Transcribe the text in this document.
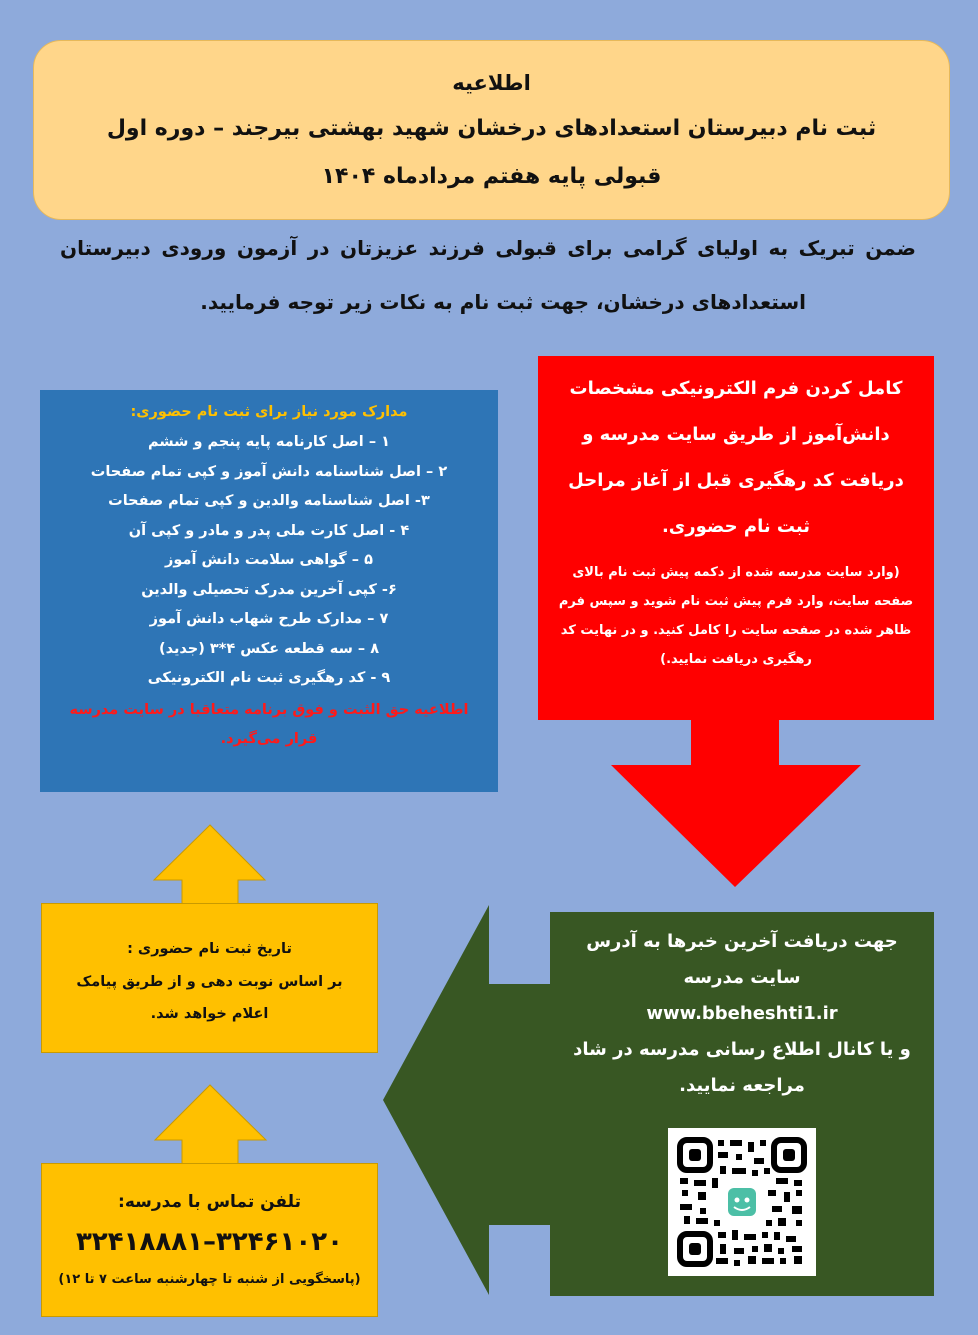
اطلاعیه
ثبت نام دبیرستان استعدادهای درخشان شهید بهشتی بیرجند – دوره اول
قبولی پایه هفتم مردادماه ۱۴۰۴
ضمن تبریک به اولیای گرامی برای قبولی فرزند عزیزتان در آزمون ورودی دبیرستان
استعدادهای درخشان، جهت ثبت نام به نکات زیر توجه فرمایید.
مدارک مورد نیاز برای ثبت نام حضوری:
۱ – اصل کارنامه پایه پنجم و ششم
۲ – اصل شناسنامه دانش آموز و کپی تمام صفحات
۳- اصل شناسنامه والدین و کپی تمام صفحات
۴ - اصل کارت ملی پدر و مادر و کپی آن
۵ – گواهی سلامت دانش آموز
۶- کپی آخرین مدرک تحصیلی والدین
۷ – مدارک طرح شهاب دانش آموز
۸ – سه قطعه عکس ۴*۳ (جدید)
۹ - کد رهگیری ثبت نام الکترونیکی
اطلاعیه حق الثبت و فوق برنامه متعاقبا در سایت مدرسه قرار می‌گیرد.
کامل کردن فرم الکترونیکی مشخصات دانش‌آموز از طریق سایت مدرسه و دریافت کد رهگیری قبل از آغاز مراحل ثبت نام حضوری.
(وارد سایت مدرسه شده از دکمه پیش ثبت نام بالای صفحه سایت، وارد فرم پیش ثبت نام شوید و سپس فرم ظاهر شده در صفحه سایت را کامل کنید. و در نهایت کد رهگیری دریافت نمایید.)
جهت دریافت آخرین خبرها به آدرس
سایت مدرسه
www.bbeheshti1.ir
و یا کانال اطلاع رسانی مدرسه در شاد
مراجعه نمایید.
تاریخ ثبت نام حضوری :
بر اساس نوبت دهی و از طریق پیامک اعلام خواهد شد.
تلفن تماس با مدرسه:
۳۲۴۶۱۰۲۰–۳۲۴۱۸۸۸۱
(پاسخگویی از شنبه تا چهارشنبه ساعت ۷ تا ۱۲)
